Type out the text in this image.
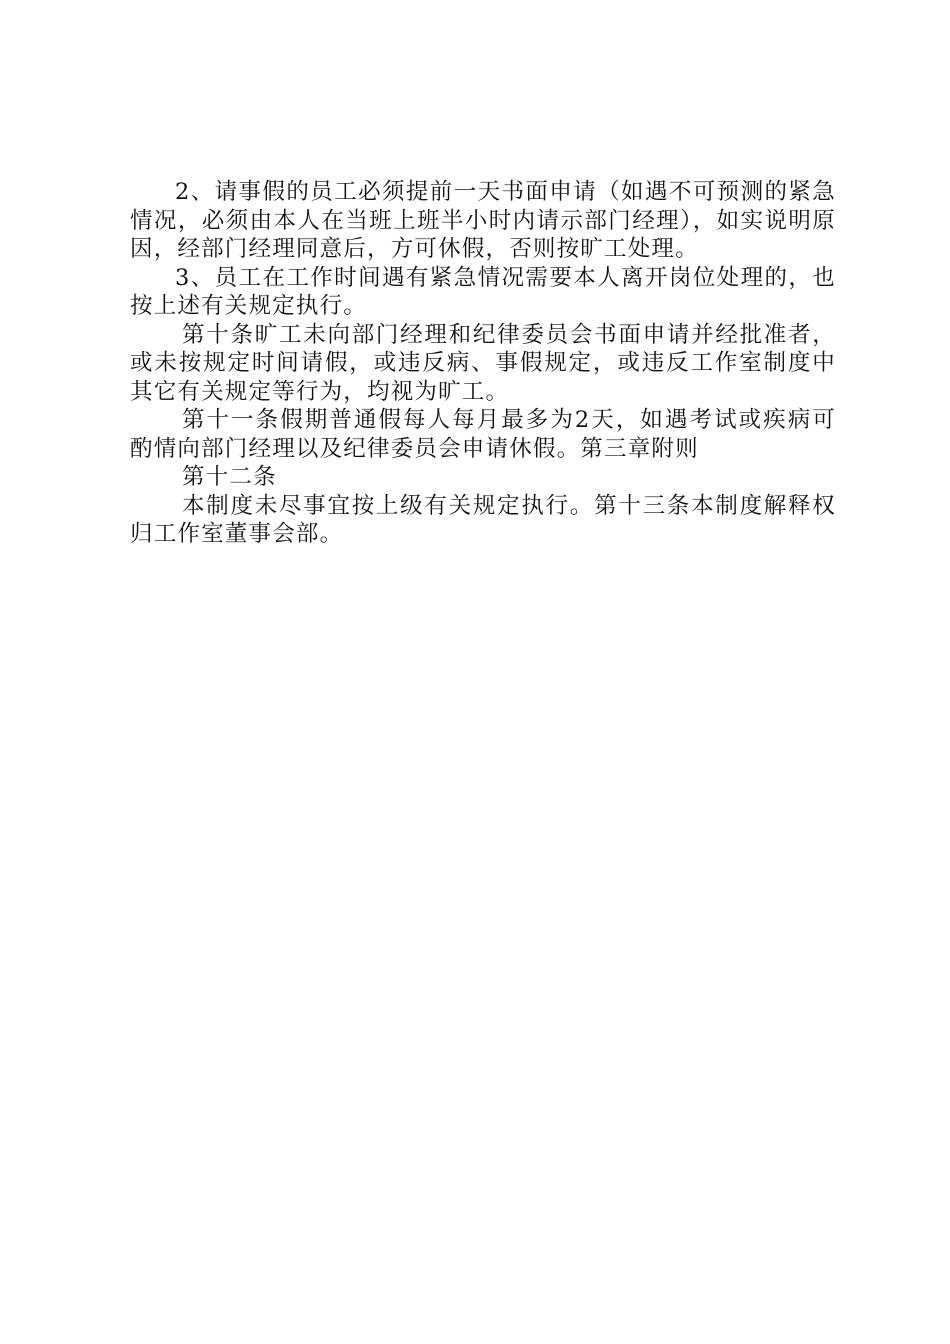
2、请事假的员工必须提前一天书面申请（如遇不可预测的紧急情况，必须由本人在当班上班半小时内请示部门经理），如实说明原因，经部门经理同意后，方可休假，否则按旷工处理。

3、员工在工作时间遇有紧急情况需要本人离开岗位处理的，也按上述有关规定执行。

第十条旷工未向部门经理和纪律委员会书面申请并经批准者，或未按规定时间请假，或违反病、事假规定，或违反工作室制度中其它有关规定等行为，均视为旷工。

第十一条假期普通假每人每月最多为2天，如遇考试或疾病可酌情向部门经理以及纪律委员会申请休假。第三章附则

第十二条

本制度未尽事宜按上级有关规定执行。第十三条本制度解释权归工作室董事会部。
